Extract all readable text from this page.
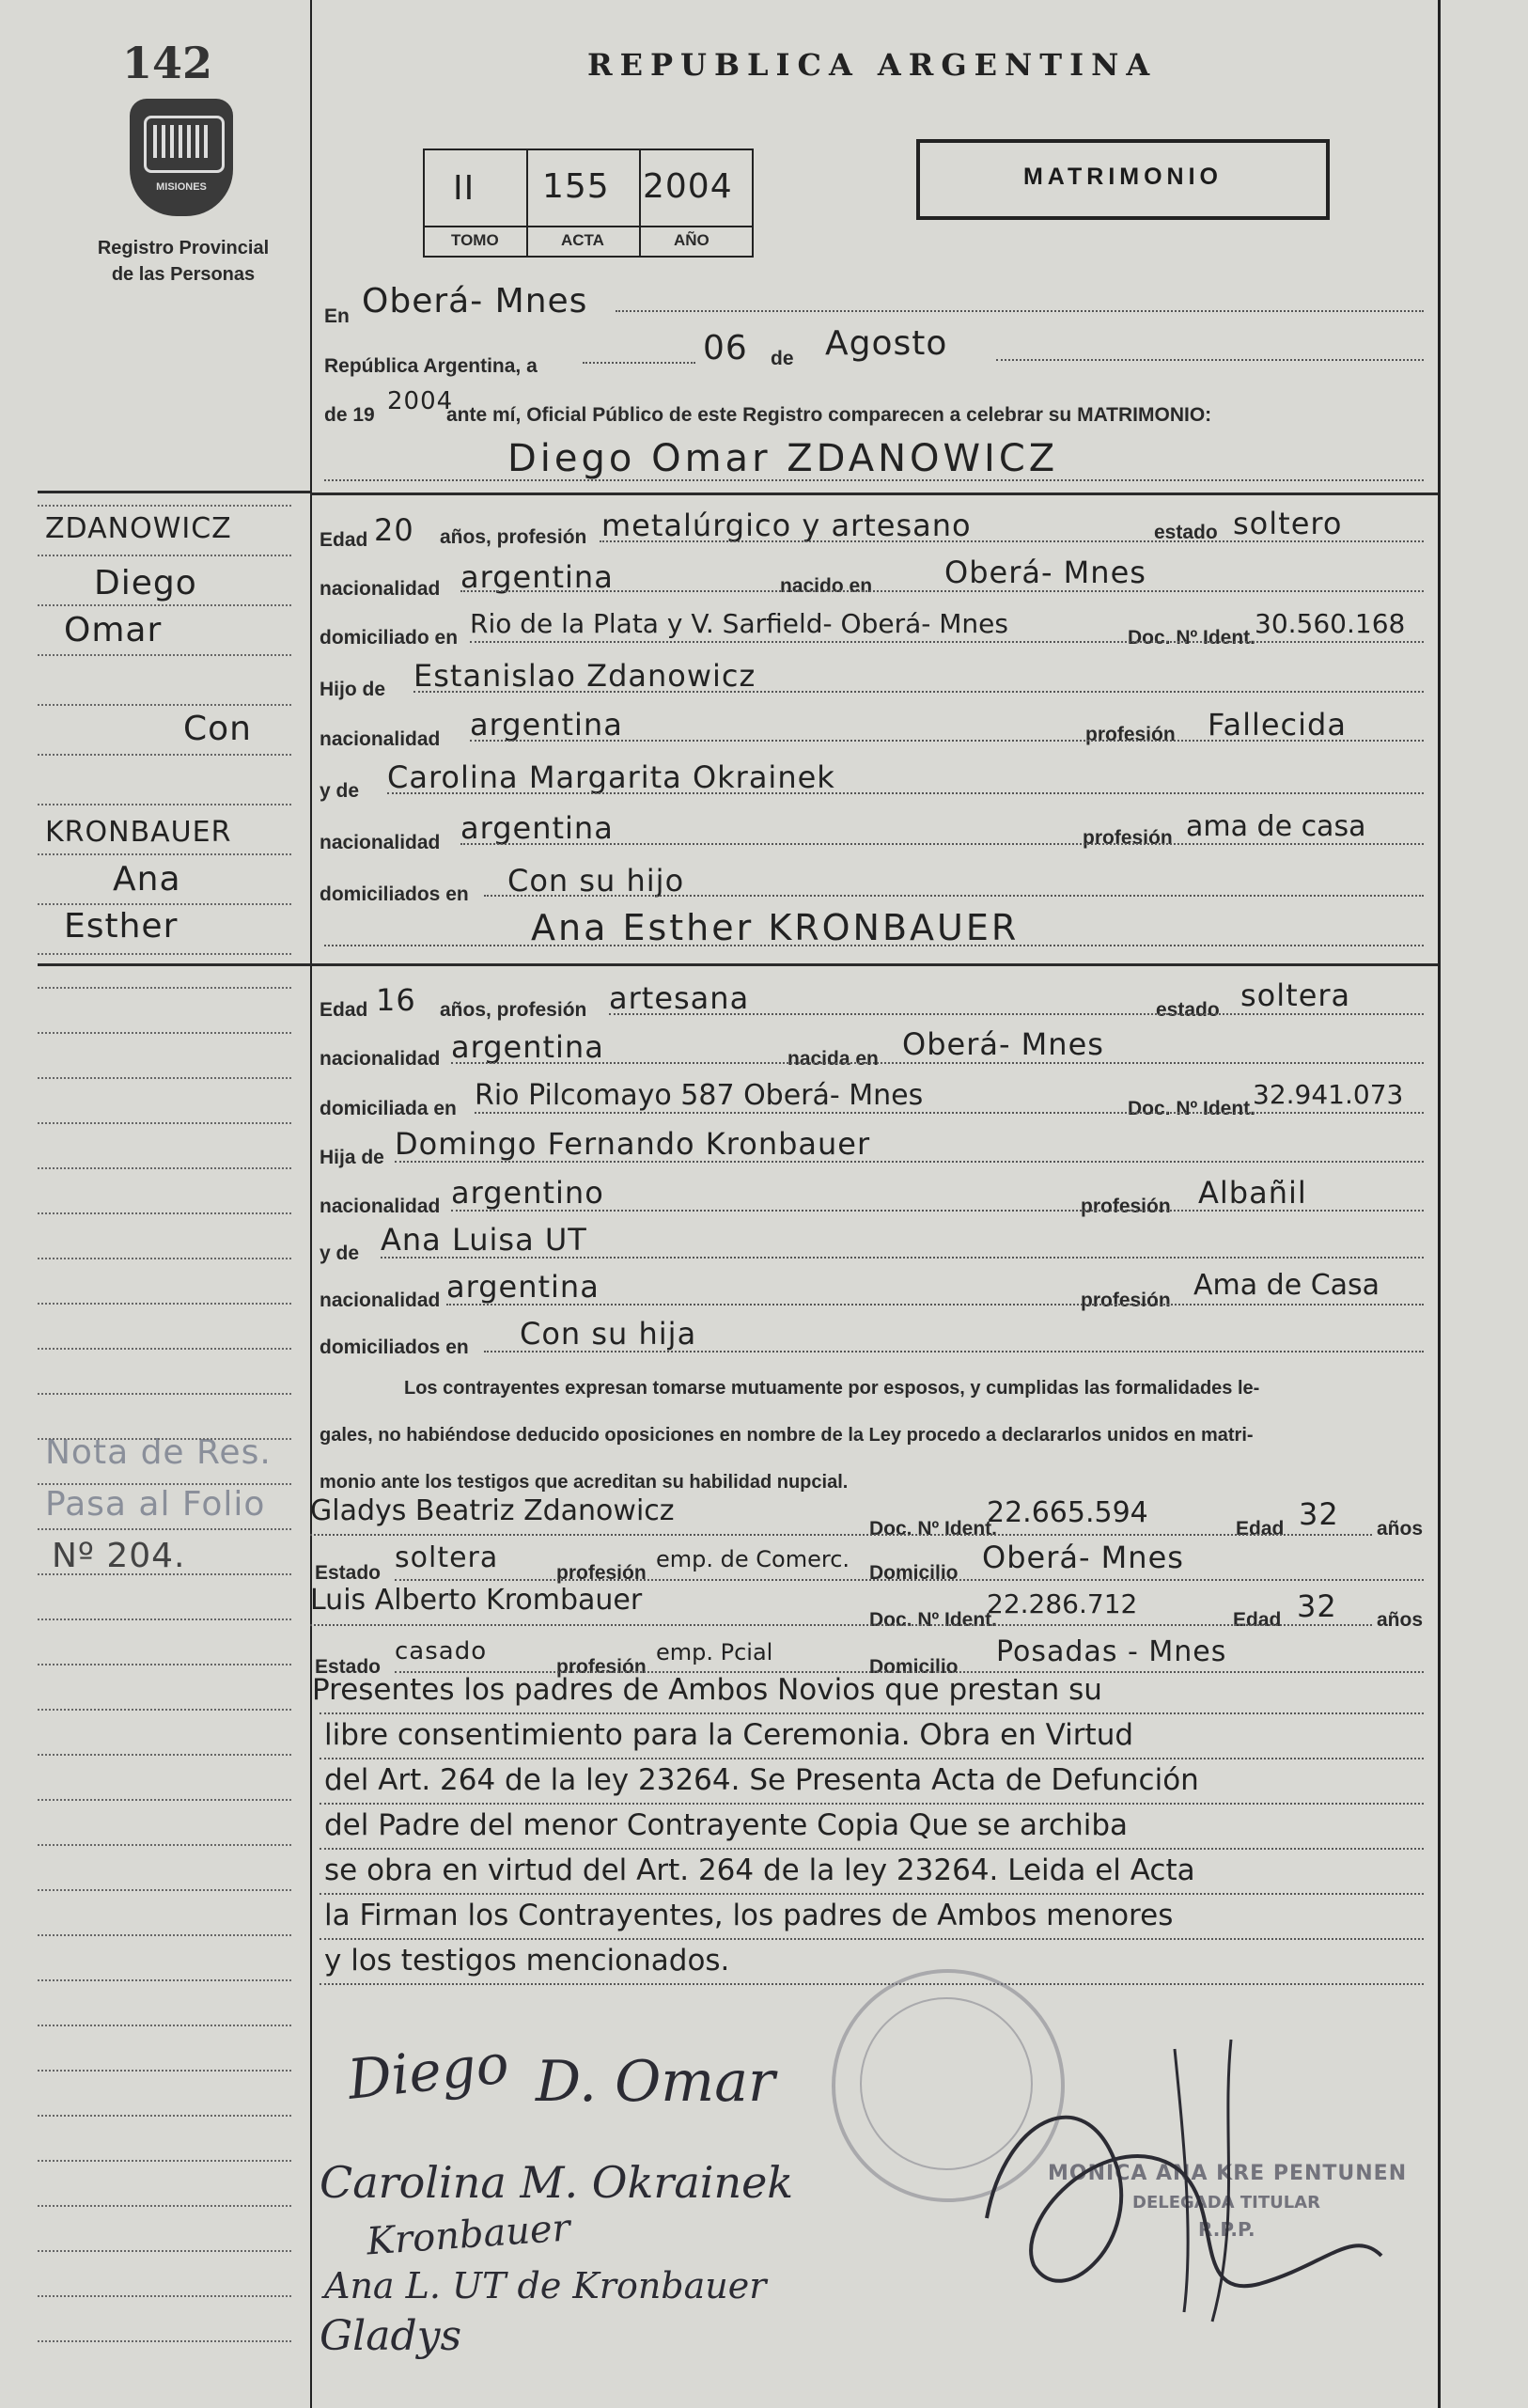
142
MISIONES
Registro Provincial
de las Personas
REPUBLICA ARGENTINA
II 155 2004
TOMO	ACTA	AÑO
MATRIMONIO
En Oberá- Mnes
República Argentina, a	06 de Agosto
de 19 2004
ante mí, Oficial Público de este Registro comparecen a celebrar su MATRIMONIO:
Diego Omar ZDANOWICZ
ZDANOWICZ
Diego
Omar
Con
KRONBAUER
Ana
Esther
Nota de Res.
Pasa al Folio
Nº 204.
Edad 20 años, profesión metalúrgico y artesano	estado soltero
nacionalidad argentina	nacido en Oberá- Mnes
domiciliado en Rio de la Plata y V. Sarfield- Oberá- Mnes	Doc. Nº Ident.
30.560.168
Hijo de Estanislao Zdanowicz
nacionalidad argentina	profesión Fallecida
y de Carolina Margarita Okrainek
nacionalidad argentina	profesión ama de casa
domiciliados en Con su hijo
Ana Esther KRONBAUER
Edad 16 años, profesión artesana	estado soltera
nacionalidad argentina	nacida en Oberá- Mnes
domiciliada en Rio Pilcomayo 587 Oberá- Mnes	Doc. Nº Ident.
32.941.073
Hija de Domingo Fernando Kronbauer
nacionalidad argentino	profesión Albañil
y de Ana Luisa UT
nacionalidad argentina	profesión Ama de Casa
domiciliados en Con su hija
Los contrayentes expresan tomarse mutuamente por esposos, y cumplidas las formalidades le-
gales, no habiéndose deducido oposiciones en nombre de la Ley procedo a declararlos unidos en matri-
monio ante los testigos que acreditan su habilidad nupcial.
Gladys Beatriz Zdanowicz
Doc. Nº Ident.
22.665.594	Edad 32 años
Estado soltera	profesión
emp. de Comerc.
Domicilio Oberá- Mnes
Luis Alberto Krombauer
Doc. Nº Ident.
22.286.712
Edad 32 años
Estado
casado
profesión
emp. Pcial
Domicilio Posadas - Mnes
Presentes los padres de Ambos Novios que prestan su
libre consentimiento para la Ceremonia. Obra en Virtud
del Art. 264 de la ley 23264. Se Presenta Acta de Defunción
del Padre del menor Contrayente Copia Que se archiba
se obra en virtud del Art. 264 de la ley 23264. Leida el Acta
la Firman los Contrayentes, los padres de Ambos menores
y los testigos mencionados.
MONICA ANA KRE PENTUNEN
DELEGADA TITULAR
R.P.P.
Diego D. Omar
Carolina M. Okrainek
Kronbauer
Ana L. UT de Kronbauer
Gladys
